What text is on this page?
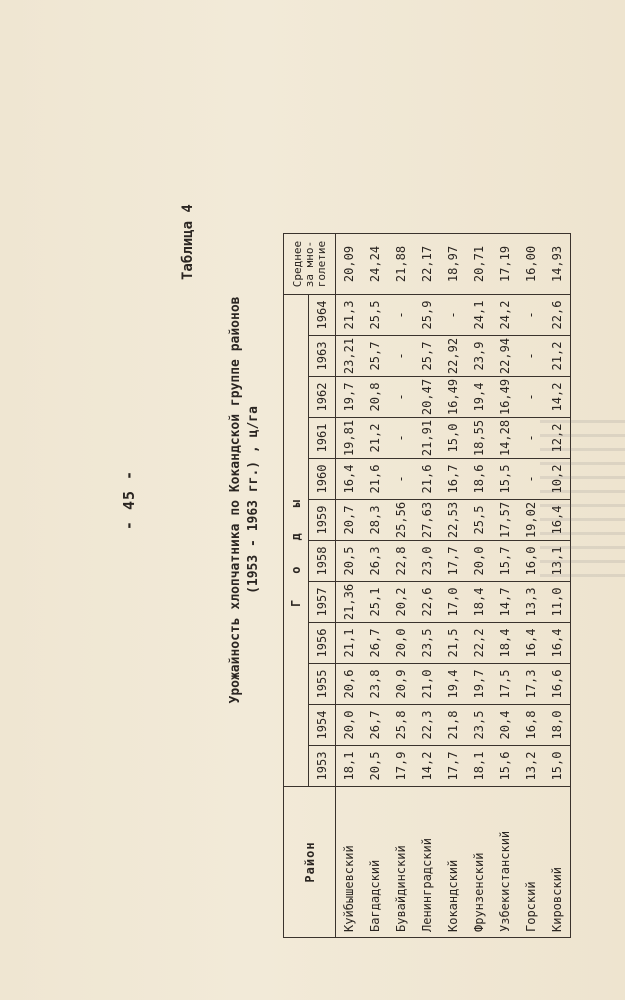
- 45 -
Таблица 4
Урожайность хлопчатника по Кокандской группе районов (1953 - 1963 гг.) , ц/га
Район	Годы												Среднее за мно- голетие

	1953	1954	1955	1956	1957	1958	1959	1960	1961	1962	1963	1964	
Куйбышевский	18,1	20,0	20,6	21,1	21,36	20,5	20,7	16,4	19,81	19,7	23,21	21,3	20,09
Багдадский	20,5	26,7	23,8	26,7	25,1	26,3	28,3	21,6	21,2	20,8	25,7	25,5	24,24
Бувайдинский	17,9	25,8	20,9	20,0	20,2	22,8	25,56	-	-	-	-	-	21,88
Ленинградский	14,2	22,3	21,0	23,5	22,6	23,0	27,63	21,6	21,91	20,47	25,7	25,9	22,17
Кокандский	17,7	21,8	19,4	21,5	17,0	17,7	22,53	16,7	15,0	16,49	22,92	-	18,97
Фрунзенский	18,1	23,5	19,7	22,2	18,4	20,0	25,5	18,6	18,55	19,4	23,9	24,1	20,71
Узбекистанский	15,6	20,4	17,5	18,4	14,7	15,7	17,57	15,5	14,28	16,49	22,94	24,2	17,19
Горский	13,2	16,8	17,3	16,4	13,3	16,0	19,02	-	-	-	-	-	16,00
Кировский	15,0	18,0	16,6	16,4	11,0	13,1	16,4	10,2	12,2	14,2	21,2	22,6	14,93
